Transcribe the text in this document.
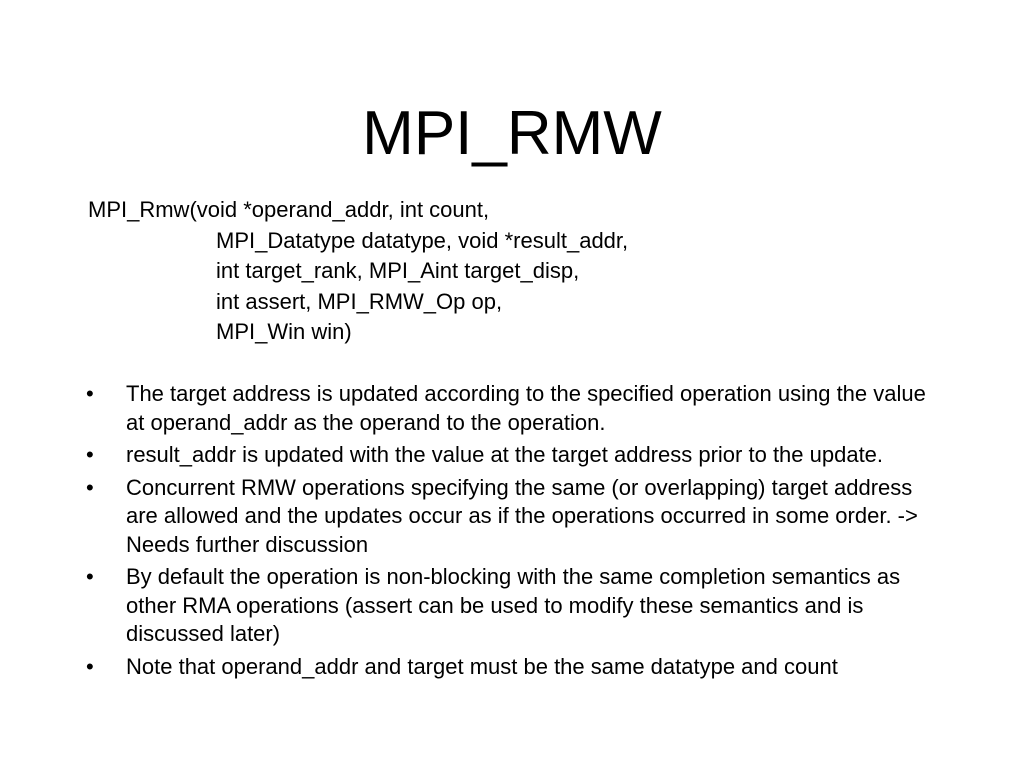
MPI_RMW
MPI_Rmw(void *operand_addr, int count,
MPI_Datatype datatype, void *result_addr,
int target_rank, MPI_Aint target_disp,
int assert, MPI_RMW_Op op,
MPI_Win win)
•	The target address is updated according to the specified operation using the value at operand_addr as the operand to the operation.
•	result_addr is updated with the value at the target address prior to the update.
•	Concurrent RMW operations specifying the same (or overlapping) target address are allowed and the updates occur as if the operations occurred in some order. -> Needs further discussion
•	By default the operation is non-blocking with the same completion semantics as other RMA operations (assert can be used to modify these semantics and is discussed later)
•	Note that operand_addr and target must be the same datatype and count
